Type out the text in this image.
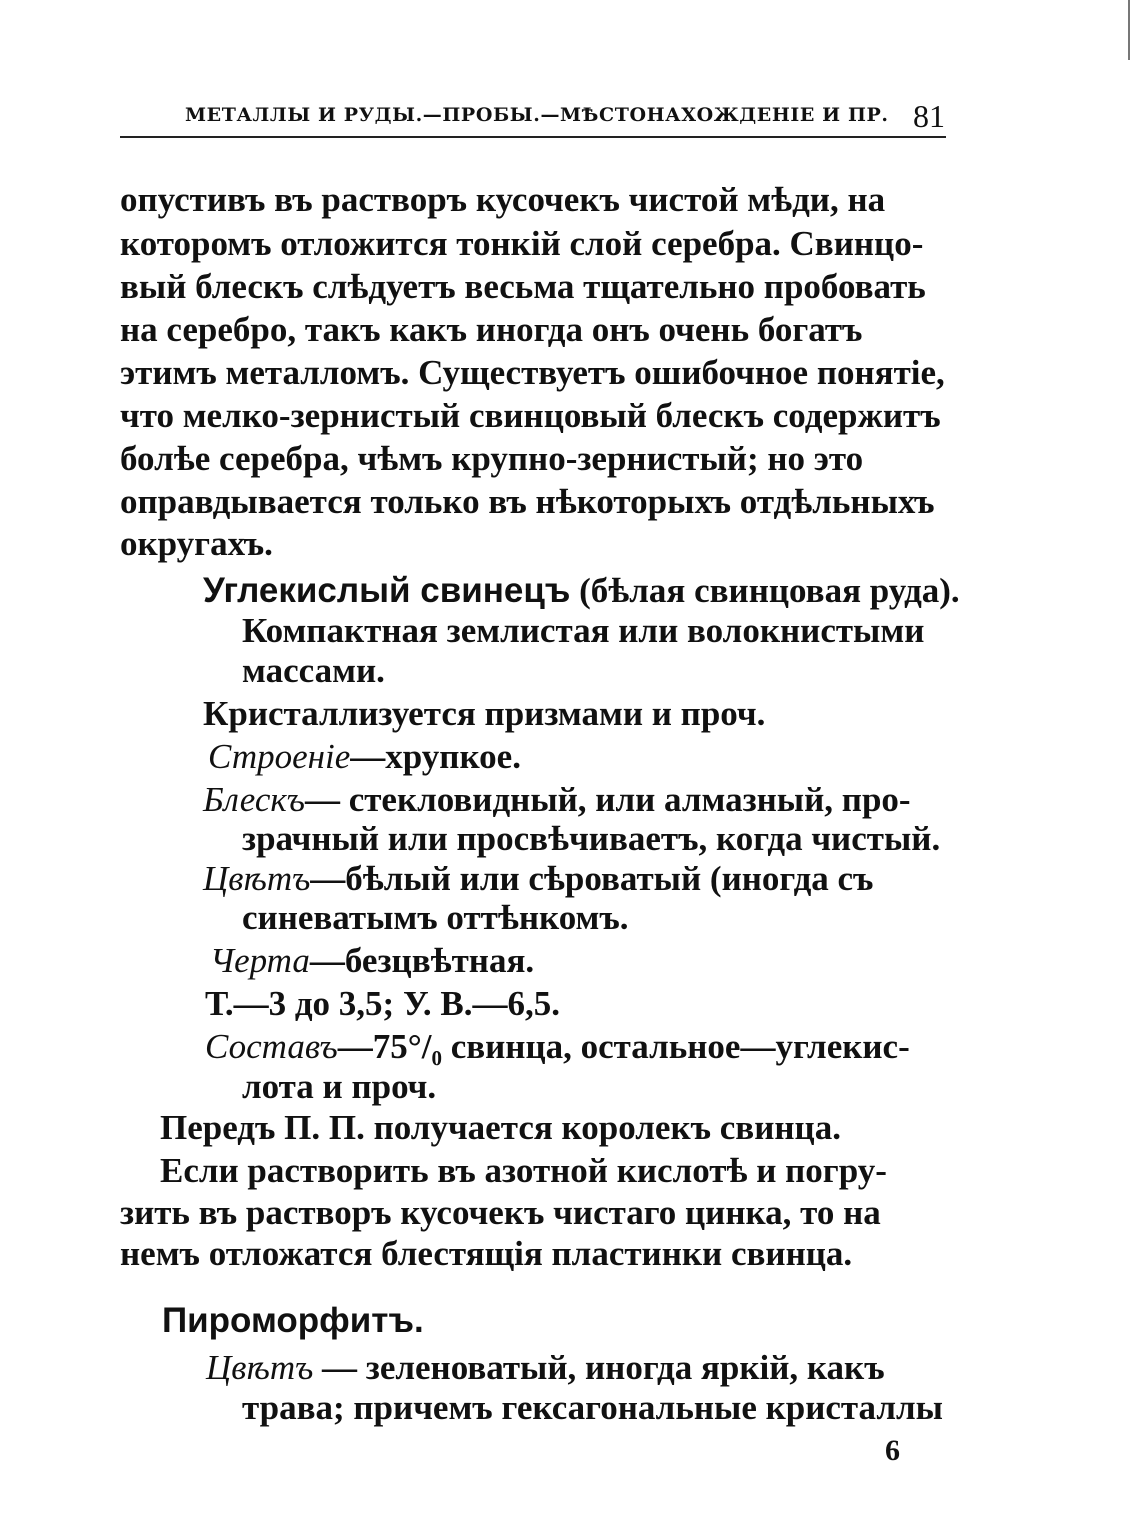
МЕТАЛЛЫ И РУДЫ.—ПРОБЫ.—МѢСТОНАХОЖДЕНІЕ И ПР. 81
опустивъ въ растворъ кусочекъ чистой мѣди, на
которомъ отложится тонкій слой серебра. Свинцо-
вый блескъ слѣдуетъ весьма тщательно пробовать
на серебро, такъ какъ иногда онъ очень богатъ
этимъ металломъ. Существуетъ ошибочное понятіе,
что мелко-зернистый свинцовый блескъ содержитъ
болѣе серебра, чѣмъ крупно-зернистый; но это
оправдывается только въ нѣкоторыхъ отдѣльныхъ
округахъ.
Углекислый свинецъ (бѣлая свинцовая руда).
Компактная землистая или волокнистыми
массами.
Кристаллизуется призмами и проч.
Строеніе—хрупкое.
Блескъ— стекловидный, или алмазный, про-
зрачный или просвѣчиваетъ, когда чистый.
Цвѣтъ—бѣлый или сѣроватый (иногда съ
синеватымъ оттѣнкомъ.
Черта—безцвѣтная.
Т.—3 до 3,5; У. В.—6,5.
Составъ—75°/₀ свинца, остальное—углекис-
лота и проч.
Передъ П. П. получается королекъ свинца.
Если растворить въ азотной кислотѣ и погру-
зить въ растворъ кусочекъ чистаго цинка, то на
немъ отложатся блестящія пластинки свинца.
Пироморфитъ.
Цвѣтъ — зеленоватый, иногда яркій, какъ
трава; причемъ гексагональные кристаллы
6
